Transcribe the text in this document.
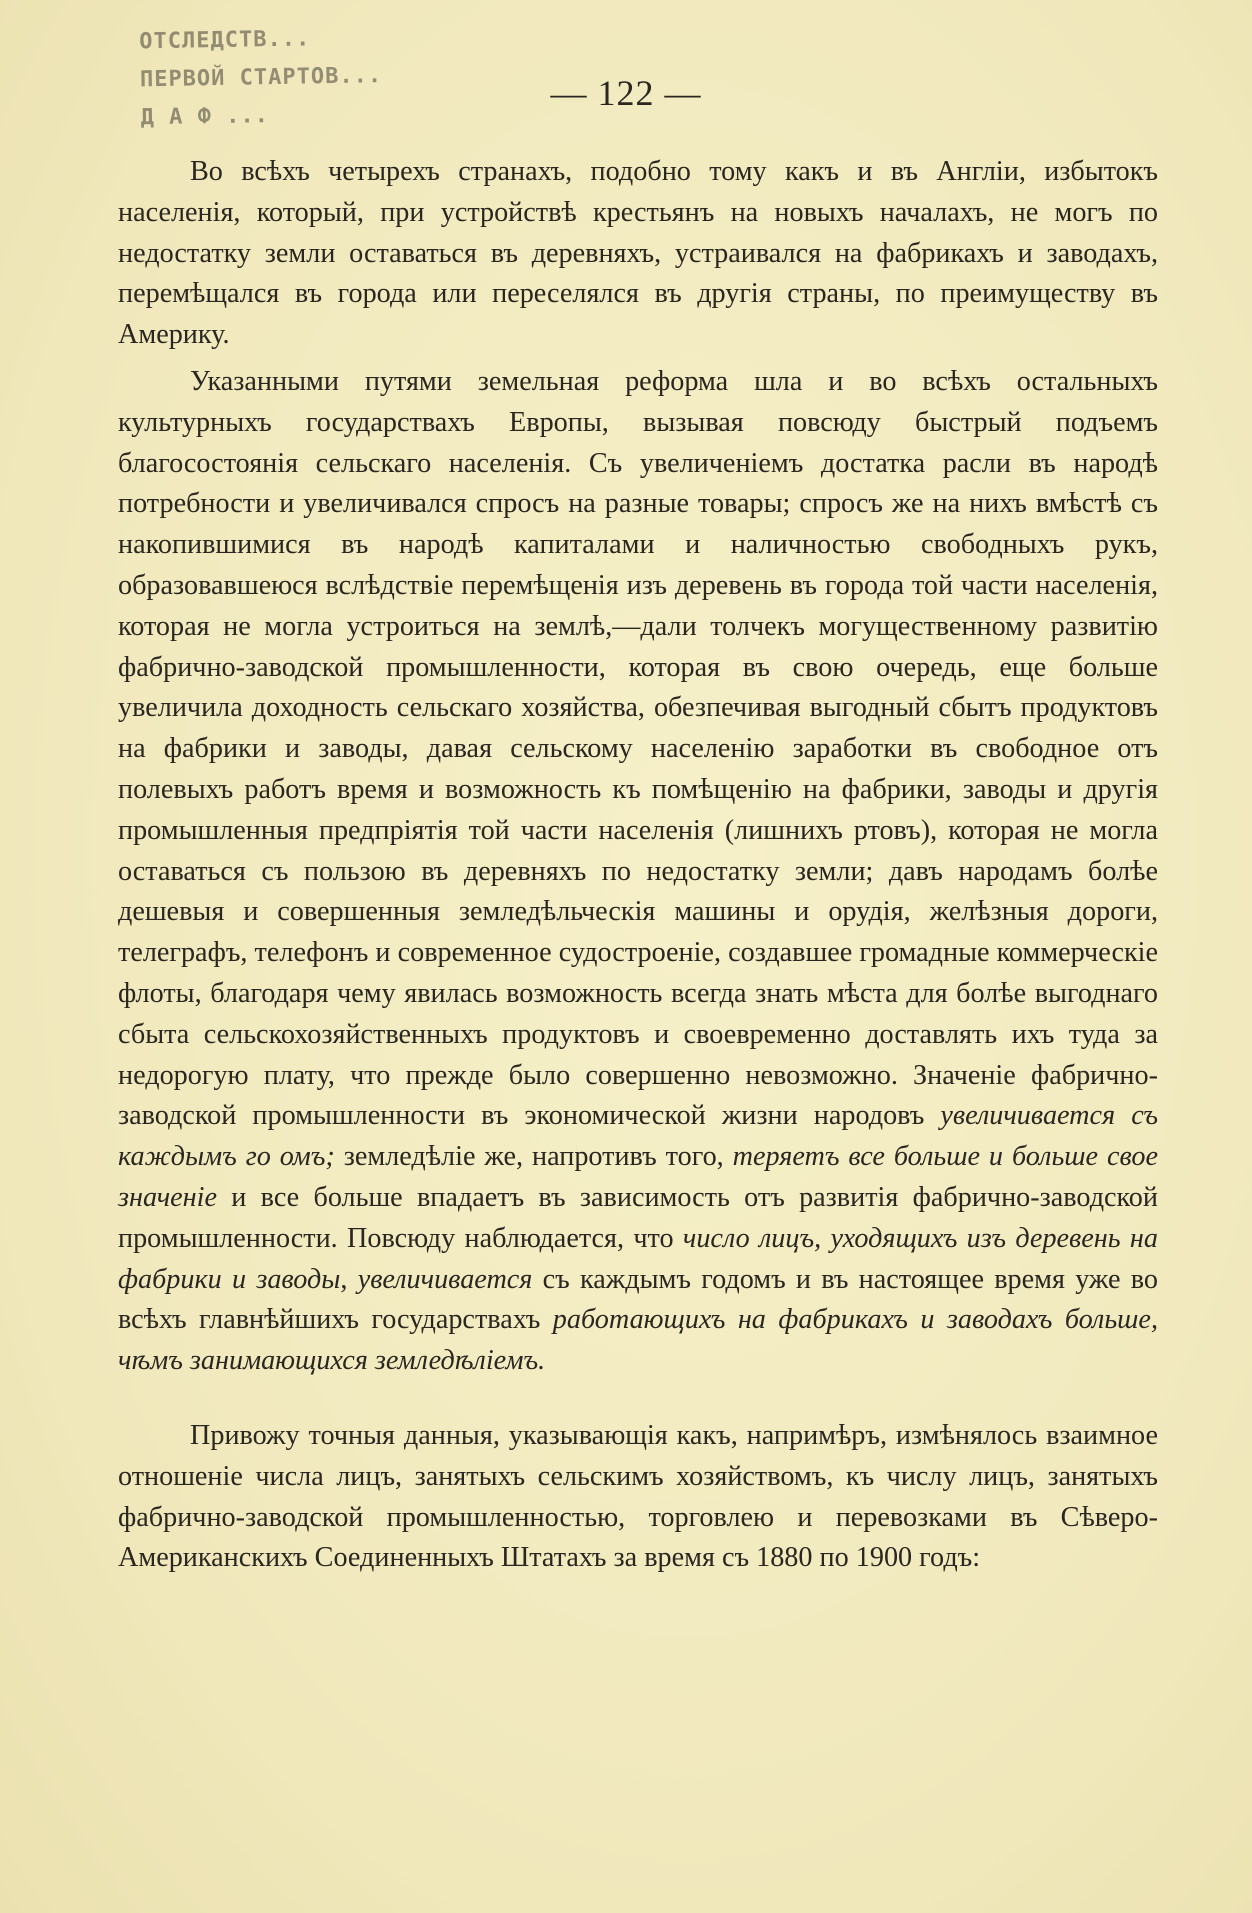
ОТСЛЕДСТВ...
ПЕРВОЙ СТАРТОВ...
Д А Ф ...
— 122 —

Во всѣхъ четырехъ странахъ, подобно тому какъ и въ Англіи, избытокъ населенія, который, при устройствѣ крестьянъ на новыхъ началахъ, не могъ по недостатку земли оставаться въ деревняхъ, устраивался на фабрикахъ и заводахъ, перемѣщался въ города или переселялся въ другія страны, по преимуществу въ Америку.

Указанными путями земельная реформа шла и во всѣхъ остальныхъ культурныхъ государствахъ Европы, вызывая повсюду быстрый подъемъ благосостоянія сельскаго населенія. Съ увеличеніемъ достатка расли въ народѣ потребности и увеличивался спросъ на разные товары; спросъ же на нихъ вмѣстѣ съ накопившимися въ народѣ капиталами и наличностью свободныхъ рукъ, образовавшеюся вслѣдствіе перемѣщенія изъ деревень въ города той части населенія, которая не могла устроиться на землѣ,—дали толчекъ могущественному развитію фабрично-заводской промышленности, которая въ свою очередь, еще больше увеличила доходность сельскаго хозяйства, обезпечивая выгодный сбытъ продуктовъ на фабрики и заводы, давая сельскому населенію заработки въ свободное отъ полевыхъ работъ время и возможность къ помѣщенію на фабрики, заводы и другія промышленныя предпріятія той части населенія (лишнихъ ртовъ), которая не могла оставаться съ пользою въ деревняхъ по недостатку земли; давъ народамъ болѣе дешевыя и совершенныя земледѣльческія машины и орудія, желѣзныя дороги, телеграфъ, телефонъ и современное судостроеніе, создавшее громадные коммерческіе флоты, благодаря чему явилась возможность всегда знать мѣста для болѣе выгоднаго сбыта сельскохозяйственныхъ продуктовъ и своевременно доставлять ихъ туда за недорогую плату, что прежде было совершенно невозможно. Значеніе фабрично-заводской промышленности въ экономической жизни народовъ увеличивается съ каждымъ го омъ; земледѣліе же, напротивъ того, теряетъ все больше и больше свое значеніе и все больше впадаетъ въ зависимость отъ развитія фабрично-заводской промышленности. Повсюду наблюдается, что число лицъ, уходящихъ изъ деревень на фабрики и заводы, увеличивается съ каждымъ годомъ и въ настоящее время уже во всѣхъ главнѣйшихъ государствахъ работающихъ на фабрикахъ и заводахъ больше, чѣмъ занимающихся земледѣліемъ.

Привожу точныя данныя, указывающія какъ, напримѣръ, измѣнялось взаимное отношеніе числа лицъ, занятыхъ сельскимъ хозяйствомъ, къ числу лицъ, занятыхъ фабрично-заводской промышленностью, торговлею и перевозками въ Сѣверо-Американскихъ Соединенныхъ Штатахъ за время съ 1880 по 1900 годъ:
